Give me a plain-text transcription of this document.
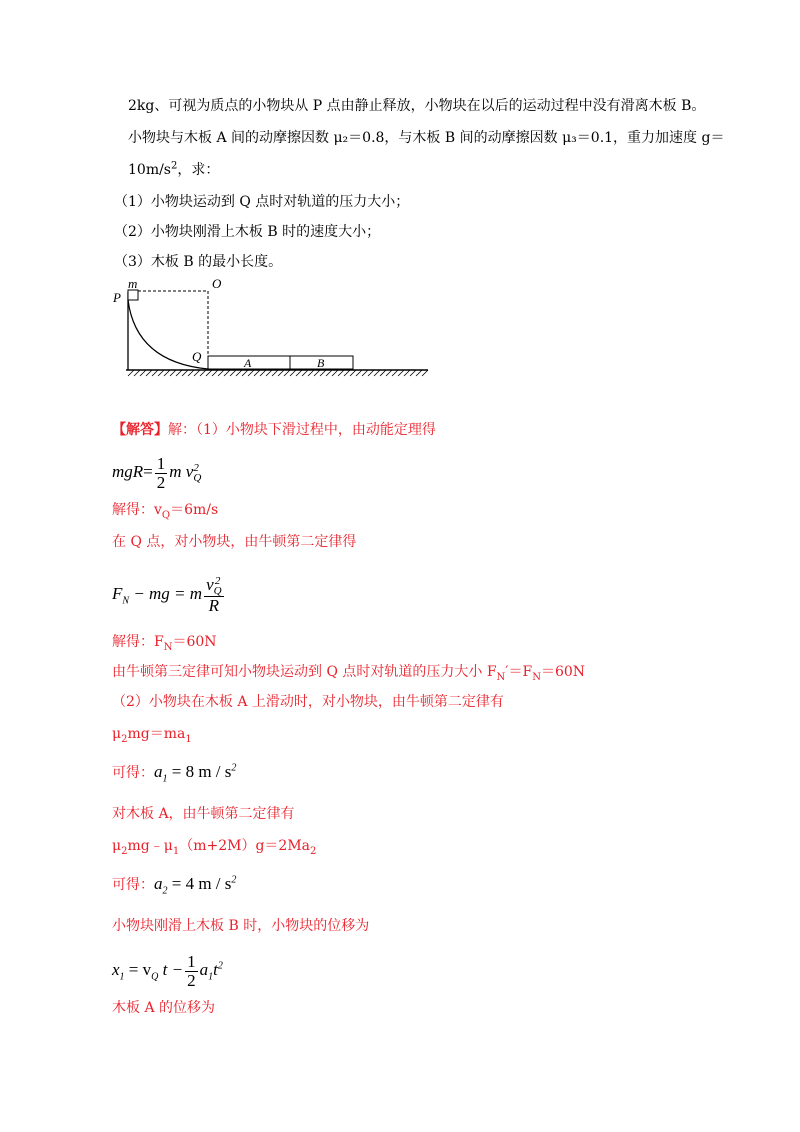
2kg、可视为质点的小物块从 P 点由静止释放，小物块在以后的运动过程中没有滑离木板 B。
小物块与木板 A 间的动摩擦因数 μ₂＝0.8，与木板 B 间的动摩擦因数 μ₃＝0.1，重力加速度 g＝
$10m/s^2$，求：
（1）小物块运动到 Q 点时对轨道的压力大小；
（2）小物块刚滑上木板 B 时的速度大小；
（3）木板 B 的最小长度。
m
P
O
Q	A	B
【解答】解：（1）小物块下滑过程中，由动能定理得
$mgR= \frac{1}{2}$ m v 2
Q
解得：$v_Q=6m/s$
在 Q 点，对小物块，由牛顿第二定律得
$F_N$ − mg = m v 2
Q
R
解得：$F_N=60N$
由牛顿第三定律可知小物块运动到 Q 点时对轨道的压力大小 $F_N'=F_N=60N$
（2）小物块在木板 A 上滑动时，对小物块，由牛顿第二定律有
$\mu_2mg=ma_1$
可得：$a_1 = 8$ m / $s^2$
对木板 A，由牛顿第二定律有
$\mu_2mg﹣\mu_1(m+2M)g=2Ma_2$
可得：$a_2 = 4$ m / $s^2$
小物块刚滑上木板 B 时，小物块的位移为
$x_1 = v_Q$ $t - \frac{1}{2} a_1t^2$
木板 A 的位移为
